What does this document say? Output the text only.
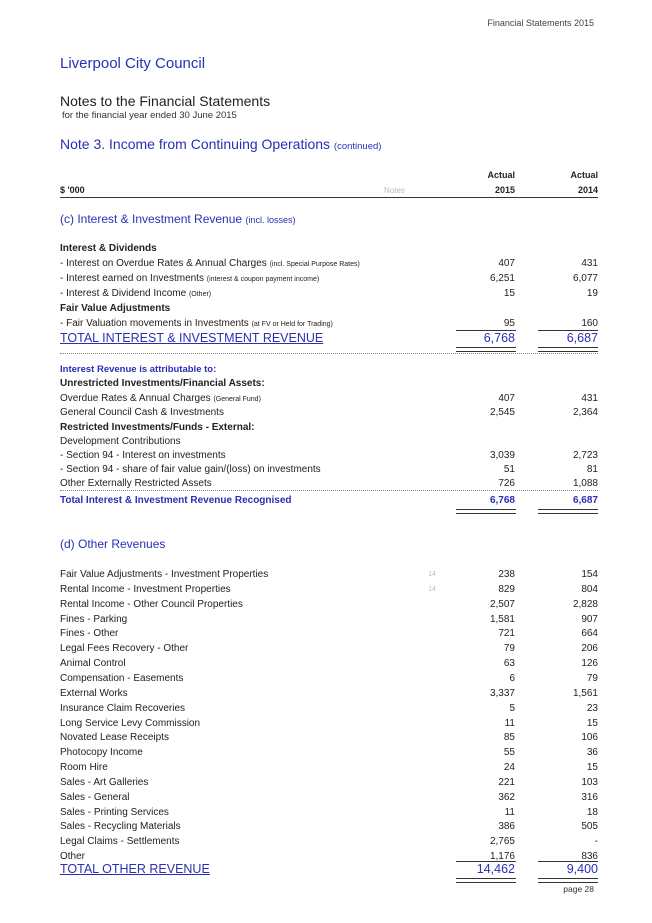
Financial Statements 2015
Liverpool City Council
Notes to the Financial Statements
for the financial year ended 30 June 2015
Note 3. Income from Continuing Operations (continued)
Actual
Actual
$ '000	Notes	2015	2014
(c) Interest & Investment Revenue (incl. losses)
Interest & Dividends
- Interest on Overdue Rates & Annual Charges (incl. Special Purpose Rates)	407	431
- Interest earned on Investments (interest & coupon payment income)	6,251	6,077
- Interest & Dividend Income (Other)	15	19
Fair Value Adjustments
- Fair Valuation movements in Investments (at FV or Held for Trading)	95	160
TOTAL INTEREST & INVESTMENT REVENUE	6,768	6,687
Interest Revenue is attributable to:
Unrestricted Investments/Financial Assets:
Overdue Rates & Annual Charges (General Fund)	407	431
General Council Cash & Investments	2,545	2,364
Restricted Investments/Funds - External:
Development Contributions
- Section 94 - Interest on investments	3,039	2,723
- Section 94 - share of fair value gain/(loss) on investments	51	81
Other Externally Restricted Assets	726	1,088
Total Interest & Investment Revenue Recognised	6,768	6,687
(d) Other Revenues
Fair Value Adjustments - Investment Properties	14	238	154
Rental Income - Investment Properties	14	829	804
Rental Income - Other Council Properties	2,507	2,828
Fines - Parking	1,581	907
Fines - Other	721	664
Legal Fees Recovery - Other	79	206
Animal Control	63	126
Compensation - Easements	6	79
External Works	3,337	1,561
Insurance Claim Recoveries	5	23
Long Service Levy Commission	11	15
Novated Lease Receipts	85	106
Photocopy Income	55	36
Room Hire	24	15
Sales - Art Galleries	221	103
Sales - General	362	316
Sales - Printing Services	11	18
Sales - Recycling Materials	386	505
Legal Claims - Settlements	2,765	-
Other	1,176	836
TOTAL OTHER REVENUE	14,462	9,400
page 28
